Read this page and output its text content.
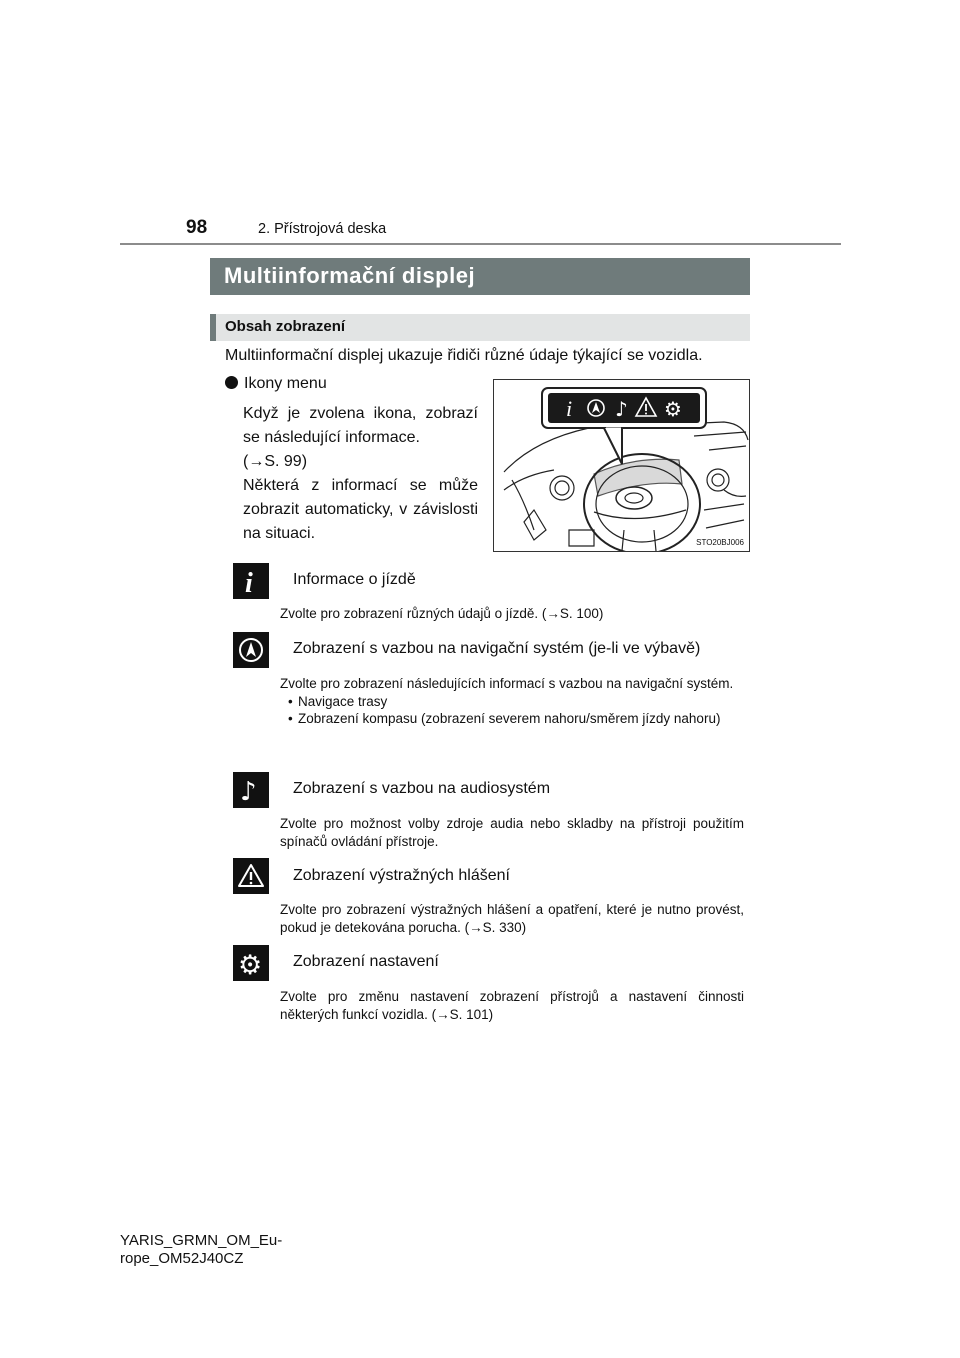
98	2. Přístrojová deska
Multiinformační displej
Obsah zobrazení
Multiinformační displej ukazuje řidiči různé údaje týkající se vozidla.
Ikony menu

Když je zvolena ikona, zobrazí se následující informace.

(→S. 99)

Některá z informací se může zobrazit automaticky, v závislosti na situaci.

i ♪ ⚙
STO20BJ006
i	Informace o jízdě

Zvolte pro zobrazení různých údajů o jízdě. (→S. 100)

Zobrazení s vazbou na navigační systém (je-li ve výbavě)

Zvolte pro zobrazení následujících informací s vazbou na navigační systém.

• Navigace trasy
• Zobrazení kompasu (zobrazení severem nahoru/směrem jízdy nahoru)
♪ Zobrazení s vazbou na audiosystém

Zvolte pro možnost volby zdroje audia nebo skladby na přístroji použitím spínačů ovládání přístroje.

Zobrazení výstražných hlášení

Zvolte pro zobrazení výstražných hlášení a opatření, které je nutno provést, pokud je detekována porucha. (→S. 330)

⚙ Zobrazení nastavení

Zvolte pro změnu nastavení zobrazení přístrojů a nastavení činnosti některých funkcí vozidla. (→S. 101)

YARIS_GRMN_OM_Eu-
rope_OM52J40CZ
